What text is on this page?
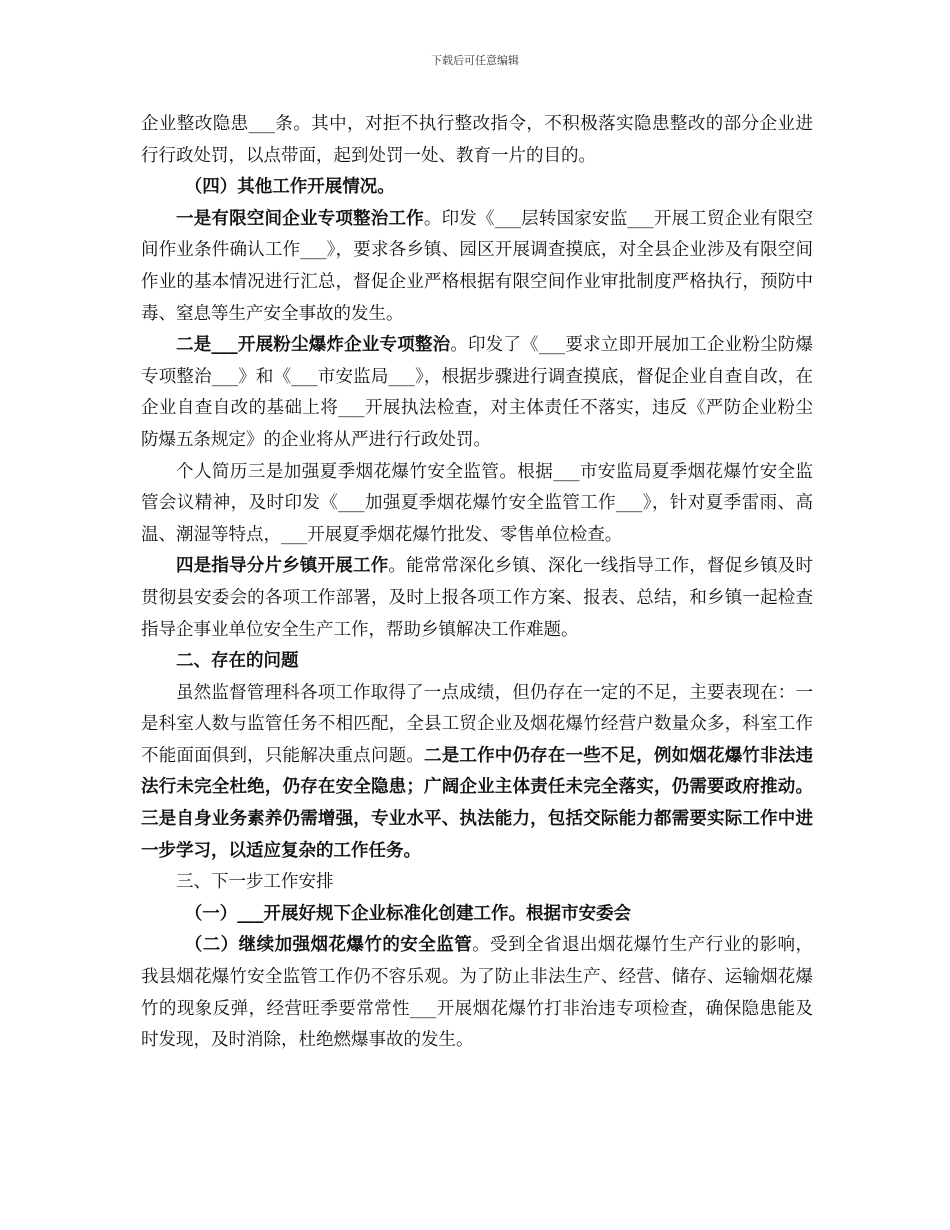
下载后可任意编辑

企业整改隐患___条。其中，对拒不执行整改指令，不积极落实隐患整改的部分企业进行行政处罚，以点带面，起到处罚一处、教育一片的目的。

（四）其他工作开展情况。

一是有限空间企业专项整治工作。印发《___层转国家安监___开展工贸企业有限空间作业条件确认工作___》，要求各乡镇、园区开展调查摸底，对全县企业涉及有限空间作业的基本情况进行汇总，督促企业严格根据有限空间作业审批制度严格执行，预防中毒、窒息等生产安全事故的发生。

二是___开展粉尘爆炸企业专项整治。印发了《___要求立即开展加工企业粉尘防爆专项整治___》和《___市安监局___》，根据步骤进行调查摸底，督促企业自查自改，在企业自查自改的基础上将___开展执法检查，对主体责任不落实，违反《严防企业粉尘防爆五条规定》的企业将从严进行行政处罚。

个人简历三是加强夏季烟花爆竹安全监管。根据___市安监局夏季烟花爆竹安全监管会议精神，及时印发《___加强夏季烟花爆竹安全监管工作___》，针对夏季雷雨、高温、潮湿等特点，___开展夏季烟花爆竹批发、零售单位检查。

四是指导分片乡镇开展工作。能常常深化乡镇、深化一线指导工作，督促乡镇及时贯彻县安委会的各项工作部署，及时上报各项工作方案、报表、总结，和乡镇一起检查指导企事业单位安全生产工作，帮助乡镇解决工作难题。

二、存在的问题

虽然监督管理科各项工作取得了一点成绩，但仍存在一定的不足，主要表现在：一是科室人数与监管任务不相匹配，全县工贸企业及烟花爆竹经营户数量众多，科室工作不能面面俱到，只能解决重点问题。二是工作中仍存在一些不足，例如烟花爆竹非法违法行未完全杜绝，仍存在安全隐患；广阔企业主体责任未完全落实，仍需要政府推动。三是自身业务素养仍需增强，专业水平、执法能力，包括交际能力都需要实际工作中进一步学习，以适应复杂的工作任务。

三、下一步工作安排

（一）___开展好规下企业标准化创建工作。根据市安委会

（二）继续加强烟花爆竹的安全监管。受到全省退出烟花爆竹生产行业的影响，我县烟花爆竹安全监管工作仍不容乐观。为了防止非法生产、经营、储存、运输烟花爆竹的现象反弹，经营旺季要常常性___开展烟花爆竹打非治违专项检查，确保隐患能及时发现，及时消除，杜绝燃爆事故的发生。
